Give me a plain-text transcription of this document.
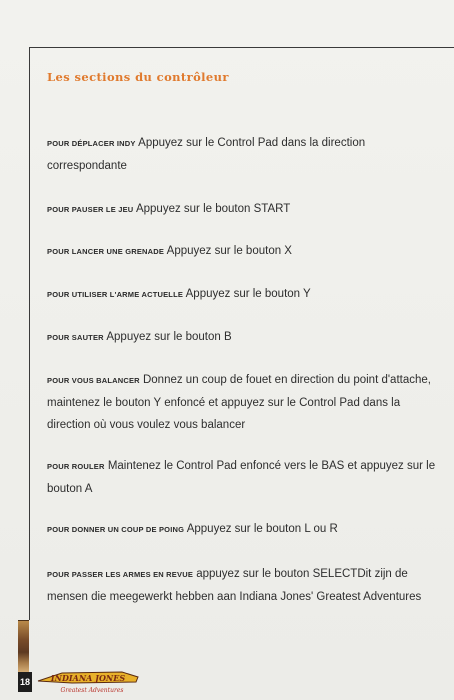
Les sections du contrôleur

POUR DÉPLACER INDY Appuyez sur le Control Pad dans la direction correspondante

POUR PAUSER LE JEU Appuyez sur le bouton START

POUR LANCER UNE GRENADE Appuyez sur le bouton X

POUR UTILISER L'ARME ACTUELLE Appuyez sur le bouton Y

POUR SAUTER Appuyez sur le bouton B

POUR VOUS BALANCER Donnez un coup de fouet en direction du point d'attache, maintenez le bouton Y enfoncé et appuyez sur le Control Pad dans la direction où vous voulez vous balancer

POUR ROULER Maintenez le Control Pad enfoncé vers le BAS et appuyez sur le bouton A

POUR DONNER UN COUP DE POING Appuyez sur le bouton L ou R

POUR PASSER LES ARMES EN REVUE appuyez sur le bouton SELECTDit zijn de mensen die meegewerkt hebben aan Indiana Jones' Greatest Adventures

18	INDIANA JONES
Greatest Adventures
